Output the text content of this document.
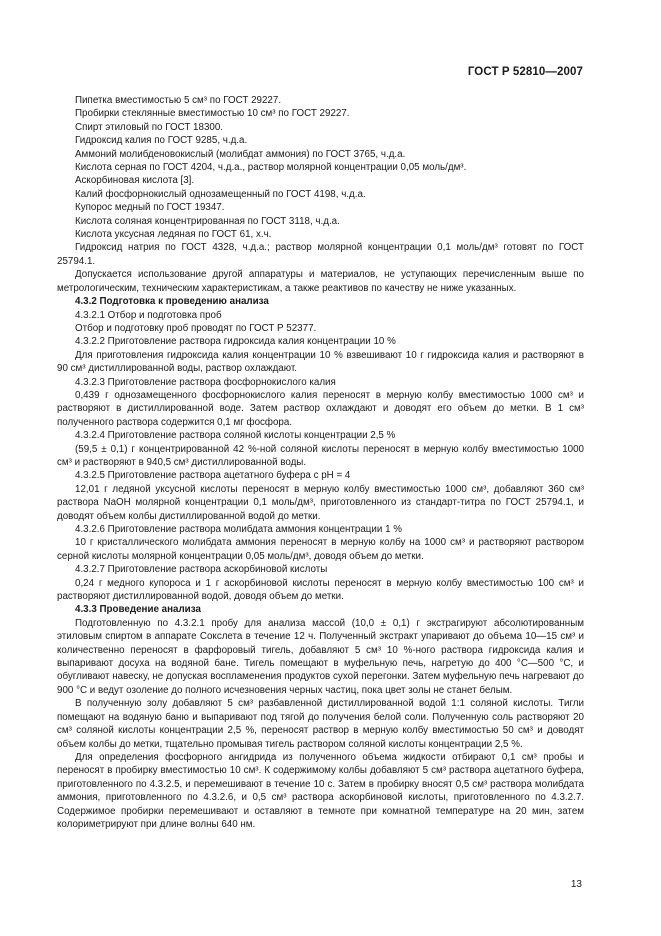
ГОСТ Р 52810—2007

Пипетка вместимостью 5 см³ по ГОСТ 29227.

Пробирки стеклянные вместимостью 10 см³ по ГОСТ 29227.

Спирт этиловый по ГОСТ 18300.

Гидроксид калия по ГОСТ 9285, ч.д.а.

Аммоний молибденовокислый (молибдат аммония) по ГОСТ 3765, ч.д.а.

Кислота серная по ГОСТ 4204, ч.д.а., раствор молярной концентрации 0,05 моль/дм³.

Аскорбиновая кислота [3].

Калий фосфорнокислый однозамещенный по ГОСТ 4198, ч.д.а.

Купорос медный по ГОСТ 19347.

Кислота соляная концентрированная по ГОСТ 3118, ч.д.а.

Кислота уксусная ледяная по ГОСТ 61, х.ч.

Гидроксид натрия по ГОСТ 4328, ч.д.а.; раствор молярной концентрации 0,1 моль/дм³ готовят по ГОСТ 25794.1.

Допускается использование другой аппаратуры и материалов, не уступающих перечисленным выше по метрологическим, техническим характеристикам, а также реактивов по качеству не ниже указанных.

4.3.2 Подготовка к проведению анализа

4.3.2.1 Отбор и подготовка проб

Отбор и подготовку проб проводят по ГОСТ Р 52377.

4.3.2.2 Приготовление раствора гидроксида калия концентрации 10 %

Для приготовления гидроксида калия концентрации 10 % взвешивают 10 г гидроксида калия и растворяют в 90 см³ дистиллированной воды, раствор охлаждают.

4.3.2.3 Приготовление раствора фосфорнокислого калия

0,439 г однозамещенного фосфорнокислого калия переносят в мерную колбу вместимостью 1000 см³ и растворяют в дистиллированной воде. Затем раствор охлаждают и доводят его объем до метки. В 1 см³ полученного раствора содержится 0,1 мг фосфора.

4.3.2.4 Приготовление раствора соляной кислоты концентрации 2,5 %

(59,5 ± 0,1) г концентрированной 42 %-ной соляной кислоты переносят в мерную колбу вместимостью 1000 см³ и растворяют в 940,5 см³ дистиллированной воды.

4.3.2.5 Приготовление раствора ацетатного буфера с pH = 4

12,01 г ледяной уксусной кислоты переносят в мерную колбу вместимостью 1000 см³, добавляют 360 см³ раствора NaOH молярной концентрации 0,1 моль/дм³, приготовленного из стандарт-титра по ГОСТ 25794.1, и доводят объем колбы дистиллированной водой до метки.

4.3.2.6 Приготовление раствора молибдата аммония концентрации 1 %

10 г кристаллического молибдата аммония переносят в мерную колбу на 1000 см³ и растворяют раствором серной кислоты молярной концентрации 0,05 моль/дм³, доводя объем до метки.

4.3.2.7 Приготовление раствора аскорбиновой кислоты

0,24 г медного купороса и 1 г аскорбиновой кислоты переносят в мерную колбу вместимостью 100 см³ и растворяют дистиллированной водой, доводя объем до метки.

4.3.3 Проведение анализа

Подготовленную по 4.3.2.1 пробу для анализа массой (10,0 ± 0,1) г экстрагируют абсолютированным этиловым спиртом в аппарате Сокслета в течение 12 ч. Полученный экстракт упаривают до объема 10—15 см³ и количественно переносят в фарфоровый тигель, добавляют 5 см³ 10 %-ного раствора гидроксида калия и выпаривают досуха на водяной бане. Тигель помещают в муфельную печь, нагретую до 400 °С—500 °С, и обугливают навеску, не допуская воспламенения продуктов сухой перегонки. Затем муфельную печь нагревают до 900 °С и ведут озоление до полного исчезновения черных частиц, пока цвет золы не станет белым.

В полученную золу добавляют 5 см³ разбавленной дистиллированной водой 1:1 соляной кислоты. Тигли помещают на водяную баню и выпаривают под тягой до получения белой соли. Полученную соль растворяют 20 см³ соляной кислоты концентрации 2,5 %, переносят раствор в мерную колбу вместимостью 50 см³ и доводят объем колбы до метки, тщательно промывая тигель раствором соляной кислоты концентрации 2,5 %.

Для определения фосфорного ангидрида из полученного объема жидкости отбирают 0,1 см³ пробы и переносят в пробирку вместимостью 10 см³. К содержимому колбы добавляют 5 см³ раствора ацетатного буфера, приготовленного по 4.3.2.5, и перемешивают в течение 10 с. Затем в пробирку вносят 0,5 см³ раствора молибдата аммония, приготовленного по 4.3.2.6, и 0,5 см³ раствора аскорбиновой кислоты, приготовленного по 4.3.2.7. Содержимое пробирки перемешивают и оставляют в темноте при комнатной температуре на 20 мин, затем колориметрируют при длине волны 640 нм.

13
